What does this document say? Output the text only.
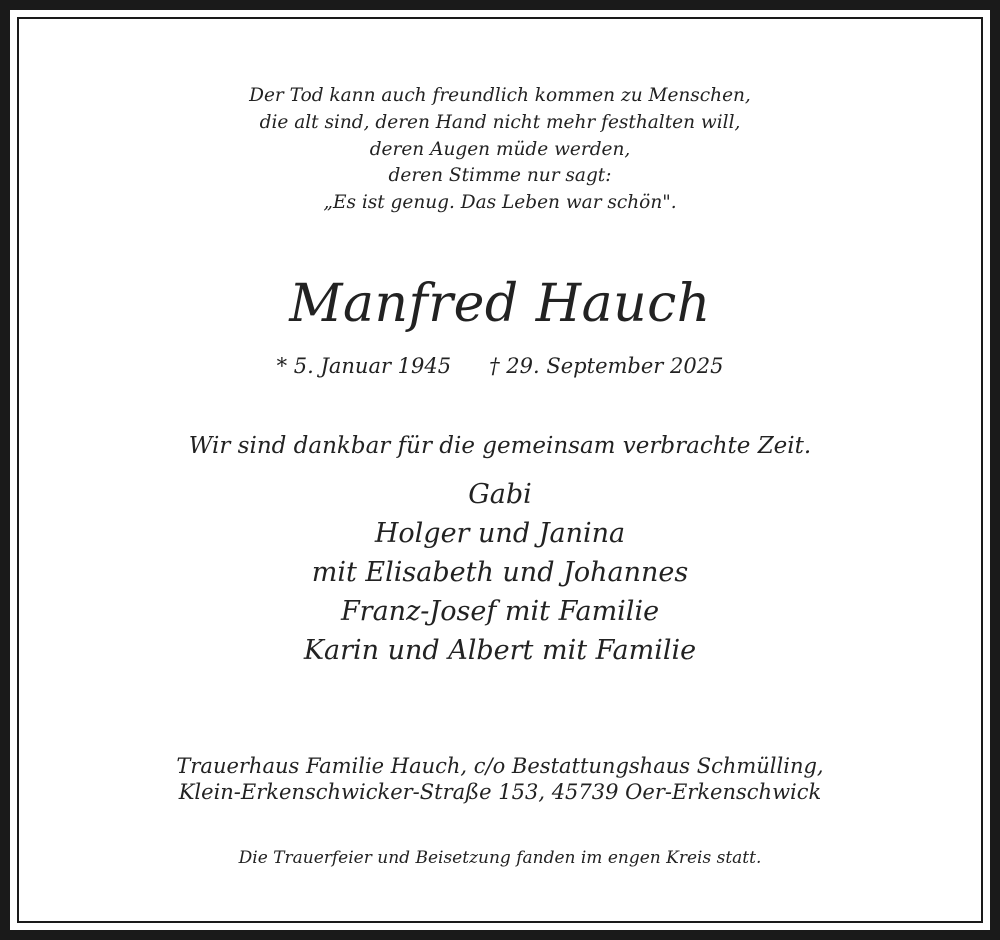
Der Tod kann auch freundlich kommen zu Menschen,
die alt sind, deren Hand nicht mehr festhalten will,
deren Augen müde werden,
deren Stimme nur sagt:
„Es ist genug. Das Leben war schön".
Manfred Hauch
* 5. Januar 1945 † 29. September 2025
Wir sind dankbar für die gemeinsam verbrachte Zeit.
Gabi
Holger und Janina
mit Elisabeth und Johannes
Franz-Josef mit Familie
Karin und Albert mit Familie
Trauerhaus Familie Hauch, c/o Bestattungshaus Schmülling,
Klein-Erkenschwicker-Straße 153, 45739 Oer-Erkenschwick
Die Trauerfeier und Beisetzung fanden im engen Kreis statt.
